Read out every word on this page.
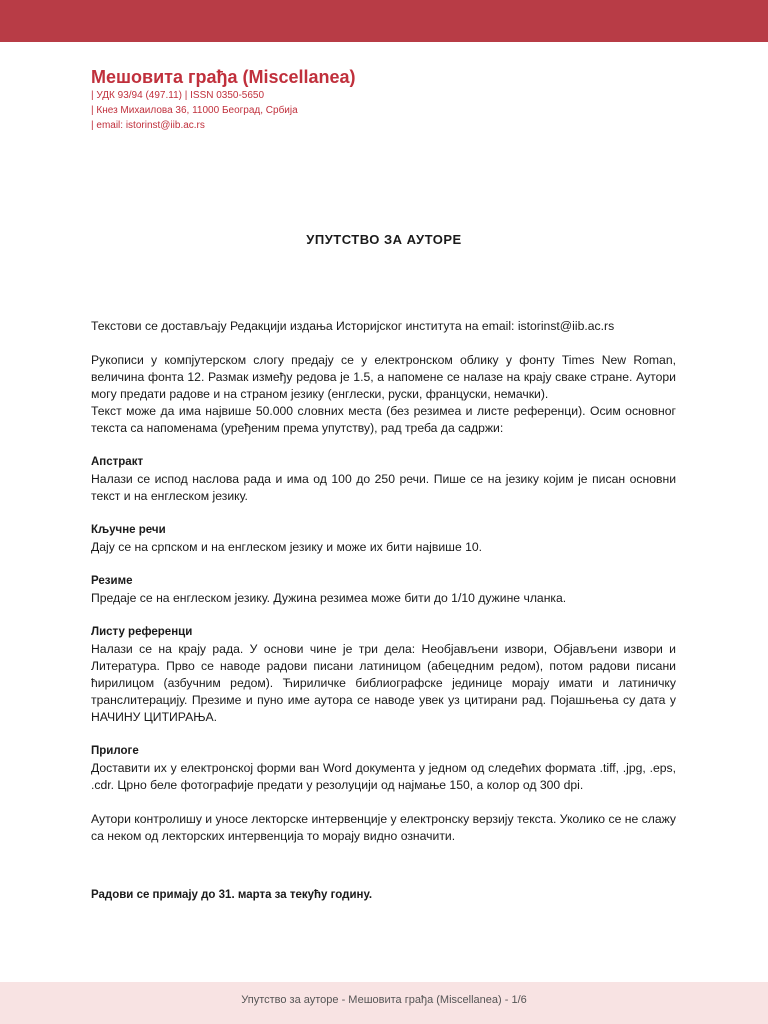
Мешовита грађа (Miscellanea)
| УДК 93/94 (497.11) | ISSN 0350-5650
| Кнез Михаилова 36, 11000 Београд, Србија
| email: istorinst@iib.ac.rs
УПУТСТВО ЗА АУТОРЕ

Текстови се достављају Редакцији издања Историјског института на email: istorinst@iib.ac.rs

Рукописи у компјутерском слогу предају се у електронском облику у фонту Times New Roman, величина фонта 12. Размак између редова је 1.5, а напомене се налазе на крају сваке стране. Аутори могу предати радове и на страном језику (енглески, руски, француски, немачки).

Текст може да има највише 50.000 словних места (без резимеа и листе референци). Осим основног текста са напоменама (уређеним према упутству), рад треба да садржи:

Апстракт

Налази се испод наслова рада и има од 100 до 250 речи. Пише се на језику којим је писан основни текст и на енглеском језику.

Кључне речи

Дају се на српском и на енглеском језику и може их бити највише 10.

Резиме

Предаје се на енглеском језику. Дужина резимеа може бити до 1/10 дужине чланка.

Листу референци

Налази се на крају рада. У основи чине је три дела: Необјављени извори, Објављени извори и Литература. Прво се наводе радови писани латиницом (абецедним редом), потом радови писани ћирилицом (азбучним редом). Ћириличке библиографске јединице морају имати и латиничку транслитерацију. Презиме и пуно име аутора се наводе увек уз цитирани рад. Појашњења су дата у НАЧИНУ ЦИТИРАЊА.

Прилоге

Доставити их у електронској форми ван Word документа у једном од следећих формата .tiff, .jpg, .eps, .cdr. Црно беле фотографије предати у резолуцији од најмање 150, а колор од 300 dpi.

Аутори контролишу и уносе лекторске интервенције у електронску верзију текста. Уколико се не слажу са неком од лекторских интервенција то морају видно означити.

Радови се примају до 31. марта за текућу годину.

Упутство за ауторе - Мешовита грађа (Miscellanea) - 1/6
